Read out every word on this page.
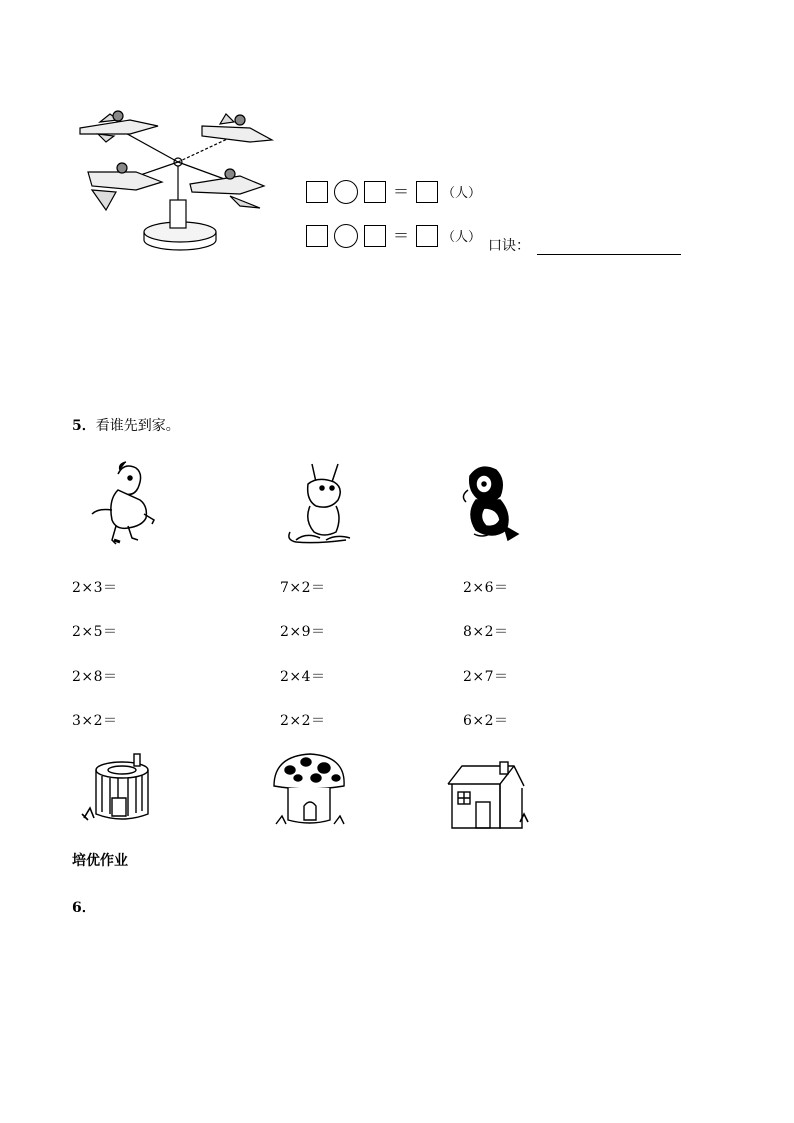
＝	（人）
＝	（人）
口诀：
5．看谁先到家。
2×3＝
2×5＝
2×8＝
3×2＝
7×2＝
2×9＝
2×4＝
2×2＝
2×6＝
8×2＝
2×7＝
6×2＝
培优作业
6．
